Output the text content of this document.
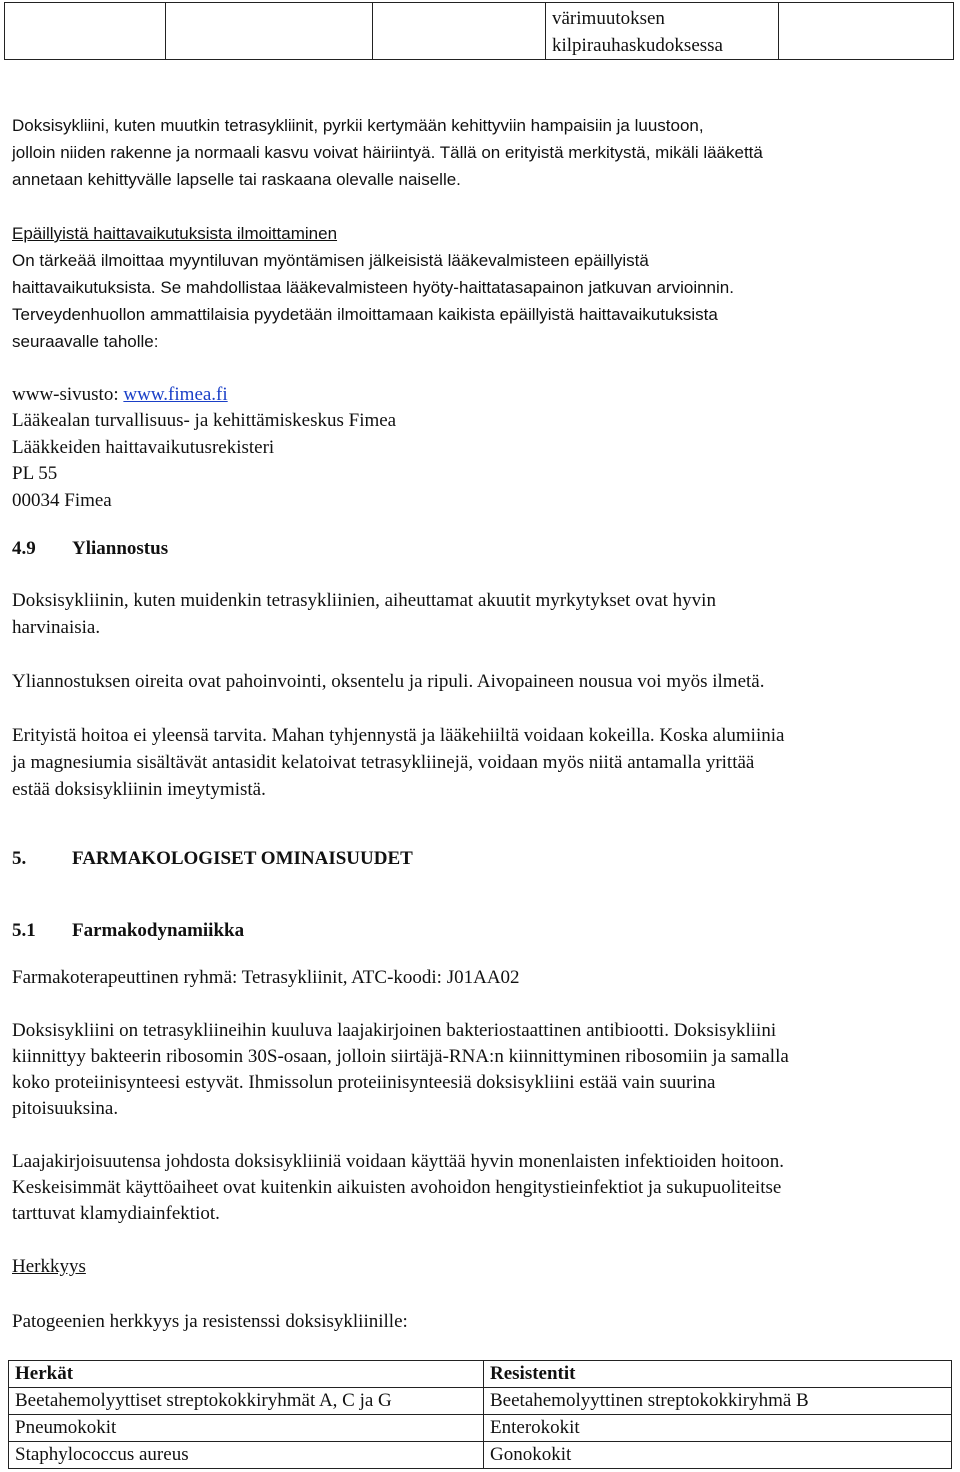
värimuutoksen
kilpirauhaskudoksessa

Doksisykliini, kuten muutkin tetrasykliinit, pyrkii kertymään kehittyviin hampaisiin ja luustoon,
jolloin niiden rakenne ja normaali kasvu voivat häiriintyä. Tällä on erityistä merkitystä, mikäli lääkettä
annetaan kehittyvälle lapselle tai raskaana olevalle naiselle.
Epäillyistä haittavaikutuksista ilmoittaminen
On tärkeää ilmoittaa myyntiluvan myöntämisen jälkeisistä lääkevalmisteen epäillyistä
haittavaikutuksista. Se mahdollistaa lääkevalmisteen hyöty-haittatasapainon jatkuvan arvioinnin.
Terveydenhuollon ammattilaisia pyydetään ilmoittamaan kaikista epäillyistä haittavaikutuksista
seuraavalle taholle:
www-sivusto: www.fimea.fi
Lääkealan turvallisuus- ja kehittämiskeskus Fimea
Lääkkeiden haittavaikutusrekisteri
PL 55
00034 Fimea
4.9 Yliannostus
Doksisykliinin, kuten muidenkin tetrasykliinien, aiheuttamat akuutit myrkytykset ovat hyvin
harvinaisia.
Yliannostuksen oireita ovat pahoinvointi, oksentelu ja ripuli. Aivopaineen nousua voi myös ilmetä.
Erityistä hoitoa ei yleensä tarvita. Mahan tyhjennystä ja lääkehiiltä voidaan kokeilla. Koska alumiinia
ja magnesiumia sisältävät antasidit kelatoivat tetrasykliinejä, voidaan myös niitä antamalla yrittää
estää doksisykliinin imeytymistä.
5. FARMAKOLOGISET OMINAISUUDET
5.1 Farmakodynamiikka
Farmakoterapeuttinen ryhmä: Tetrasykliinit, ATC-koodi: J01AA02
Doksisykliini on tetrasykliineihin kuuluva laajakirjoinen bakteriostaattinen antibiootti. Doksisykliini
kiinnittyy bakteerin ribosomin 30S-osaan, jolloin siirtäjä-RNA:n kiinnittyminen ribosomiin ja samalla
koko proteiinisynteesi estyvät. Ihmissolun proteiinisynteesiä doksisykliini estää vain suurina
pitoisuuksina.
Laajakirjoisuutensa johdosta doksisykliiniä voidaan käyttää hyvin monenlaisten infektioiden hoitoon.
Keskeisimmät käyttöaiheet ovat kuitenkin aikuisten avohoidon hengitystieinfektiot ja sukupuoliteitse
tarttuvat klamydiainfektiot.
Herkkyys
Patogeenien herkkyys ja resistenssi doksisykliinille:
Herkät	Resistentit
Beetahemolyyttiset streptokokkiryhmät A, C ja G	Beetahemolyyttinen streptokokkiryhmä B
Pneumokokit	Enterokokit
Staphylococcus aureus	Gonokokit
